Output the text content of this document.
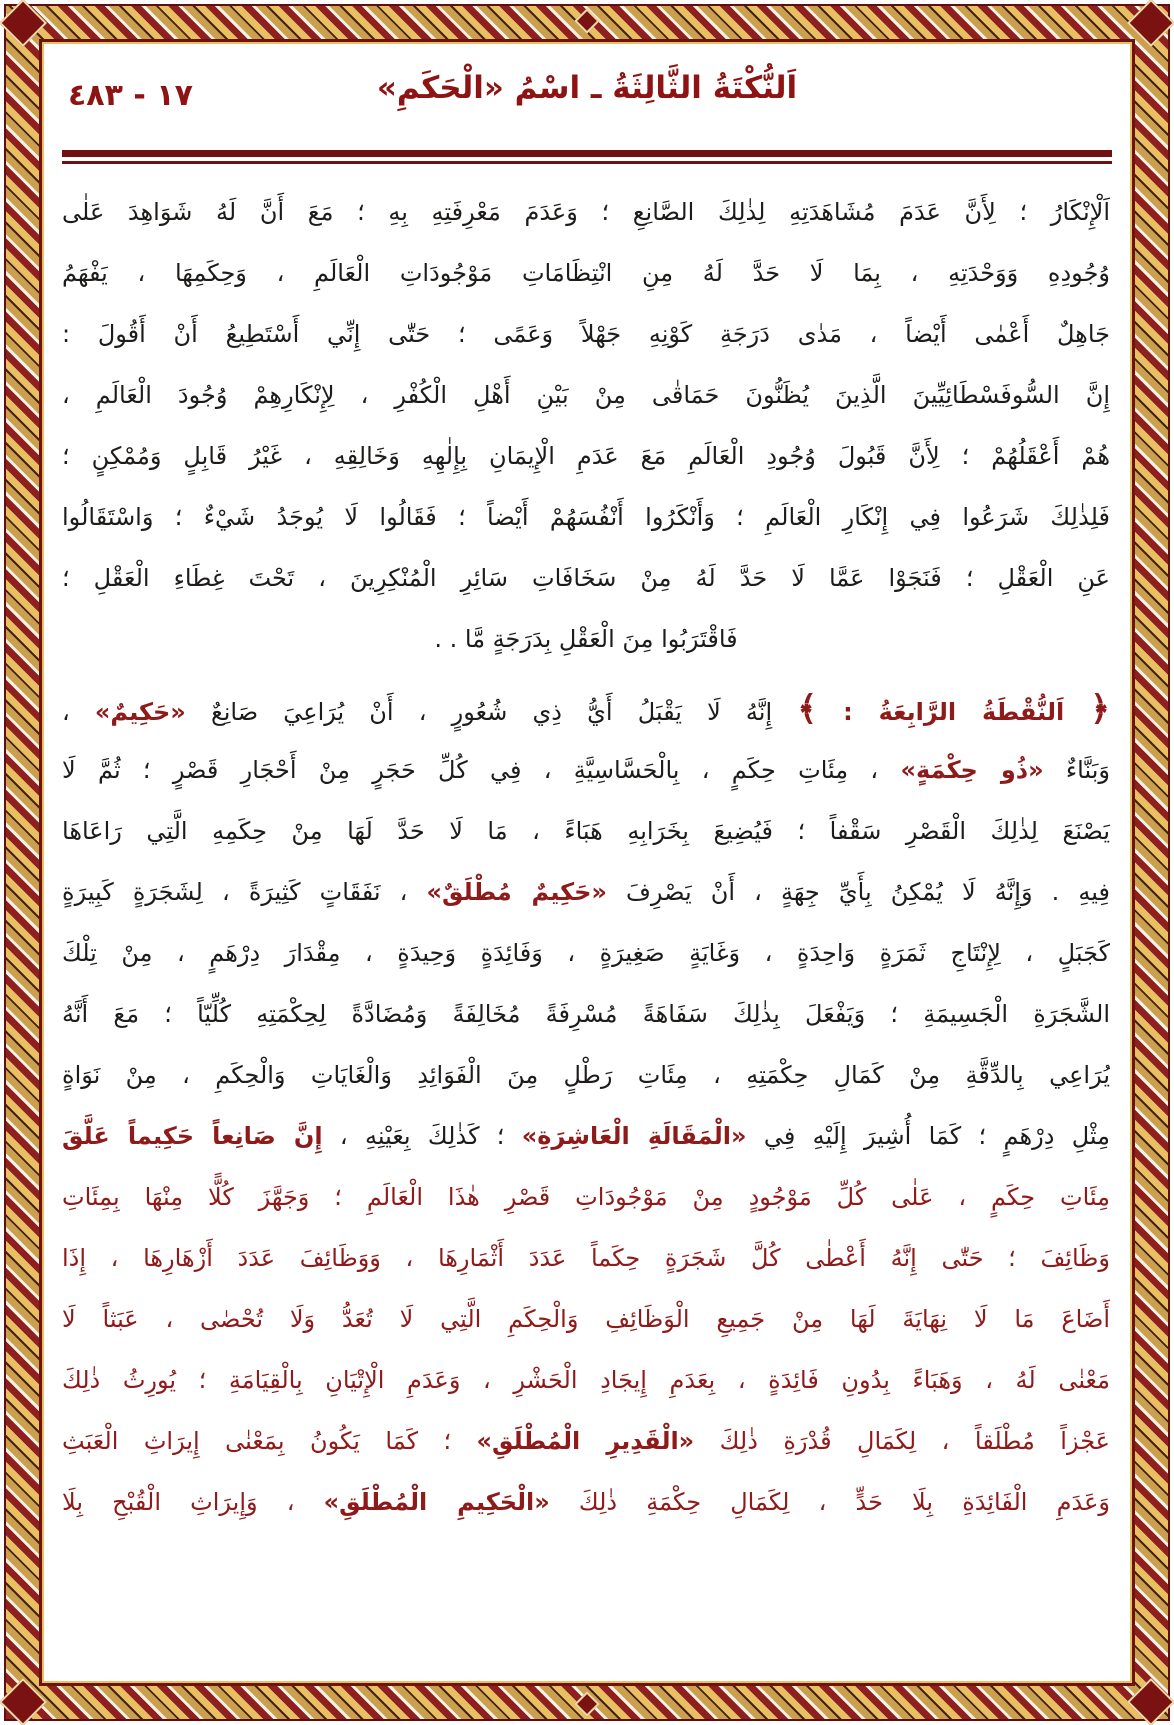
١٧ - ٤٨٣	اَلنُّكْتَةُ الثَّالِثَةُ ـ اسْمُ «الْحَكَمِ»
اَلْإِنْكَارُ ؛ لِأَنَّ عَدَمَ مُشَاهَدَتِهِ لِذٰلِكَ الصَّانِعِ ؛ وَعَدَمَ مَعْرِفَتِهِ بِهِ ؛ مَعَ أَنَّ لَهُ شَوَاهِدَ عَلٰى
وُجُودِهِ وَوَحْدَتِهِ ، بِمَا لَا حَدَّ لَهُ مِنِ انْتِظَامَاتِ مَوْجُودَاتِ الْعَالَمِ ، وَحِكَمِهَا ، يَفْهَمُ
جَاهِلٌ أَعْمٰى أَيْضاً ، مَدٰى دَرَجَةِ كَوْنِهِ جَهْلاً وَعَمًى ؛ حَتّٰى إِنِّي أَسْتَطِيعُ أَنْ أَقُولَ :
إِنَّ السُّوفَسْطَائِيِّينَ الَّذِينَ يُظَنُّونَ حَمَاقٰى مِنْ بَيْنِ أَهْلِ الْكُفْرِ ، لِإِنْكَارِهِمْ وُجُودَ الْعَالَمِ ،
هُمْ أَعْقَلُهُمْ ؛ لِأَنَّ قَبُولَ وُجُودِ الْعَالَمِ مَعَ عَدَمِ الْإِيمَانِ بِإِلٰهِهِ وَخَالِقِهِ ، غَيْرُ قَابِلٍ وَمُمْكِنٍ ؛
فَلِذٰلِكَ شَرَعُوا فِي إِنْكَارِ الْعَالَمِ ؛ وَأَنْكَرُوا أَنْفُسَهُمْ أَيْضاً ؛ فَقَالُوا لَا يُوجَدُ شَيْءٌ ؛ وَاسْتَقَالُوا
عَنِ الْعَقْلِ ؛ فَنَجَوْا عَمَّا لَا حَدَّ لَهُ مِنْ سَخَافَاتِ سَائِرِ الْمُنْكِرِينَ ، تَحْتَ غِطَاءِ الْعَقْلِ ؛
فَاقْتَرَبُوا مِنَ الْعَقْلِ بِدَرَجَةٍ مَّا . .
﴿ اَلنُّقْطَةُ الرَّابِعَةُ : ﴾ إِنَّهُ لَا يَقْبَلُ أَيُّ ذِي شُعُورٍ ، أَنْ يُرَاعِيَ صَانِعٌ «حَكِيمٌ» ،
وَبَنَّاءٌ «ذُو حِكْمَةٍ» ، مِئَاتِ حِكَمٍ ، بِالْحَسَّاسِيَّةِ ، فِي كُلِّ حَجَرٍ مِنْ أَحْجَارِ قَصْرٍ ؛ ثُمَّ لَا
يَصْنَعَ لِذٰلِكَ الْقَصْرِ سَقْفاً ؛ فَيُضِيعَ بِخَرَابِهِ هَبَاءً ، مَا لَا حَدَّ لَهَا مِنْ حِكَمِهِ الَّتِي رَاعَاهَا
فِيهِ . وَإِنَّهُ لَا يُمْكِنُ بِأَيِّ جِهَةٍ ، أَنْ يَصْرِفَ «حَكِيمٌ مُطْلَقٌ» ، نَفَقَاتٍ كَثِيرَةً ، لِشَجَرَةٍ كَبِيرَةٍ
كَجَبَلٍ ، لِإِنْتَاجِ ثَمَرَةٍ وَاحِدَةٍ ، وَغَايَةٍ صَغِيرَةٍ ، وَفَائِدَةٍ وَحِيدَةٍ ، مِقْدَارَ دِرْهَمٍ ، مِنْ تِلْكَ
الشَّجَرَةِ الْجَسِيمَةِ ؛ وَيَفْعَلَ بِذٰلِكَ سَفَاهَةً مُسْرِفَةً مُخَالِفَةً وَمُضَادَّةً لِحِكْمَتِهِ كُلِّيّاً ؛ مَعَ أَنَّهُ
يُرَاعِي بِالدِّقَّةِ مِنْ كَمَالِ حِكْمَتِهِ ، مِئَاتِ رَطْلٍ مِنَ الْفَوَائِدِ وَالْغَايَاتِ وَالْحِكَمِ ، مِنْ نَوَاةٍ
مِثْلِ دِرْهَمٍ ؛ كَمَا أُشِيرَ إِلَيْهِ فِي «الْمَقَالَةِ الْعَاشِرَةِ» ؛ كَذٰلِكَ بِعَيْنِهِ ، إِنَّ صَانِعاً حَكِيماً عَلَّقَ
مِئَاتِ حِكَمٍ ، عَلٰى كُلِّ مَوْجُودٍ مِنْ مَوْجُودَاتِ قَصْرِ هٰذَا الْعَالَمِ ؛ وَجَهَّزَ كُلًّا مِنْهَا بِمِئَاتِ
وَظَائِفَ ؛ حَتّٰى إِنَّهُ أَعْطٰى كُلَّ شَجَرَةٍ حِكَماً عَدَدَ أَثْمَارِهَا ، وَوَظَائِفَ عَدَدَ أَزْهَارِهَا ، إِذَا
أَضَاعَ مَا لَا نِهَايَةَ لَهَا مِنْ جَمِيعِ الْوَظَائِفِ وَالْحِكَمِ الَّتِي لَا تُعَدُّ وَلَا تُحْصٰى ، عَبَثاً لَا
مَعْنٰى لَهُ ، وَهَبَاءً بِدُونِ فَائِدَةٍ ، بِعَدَمِ إِيجَادِ الْحَشْرِ ، وَعَدَمِ الْإِتْيَانِ بِالْقِيَامَةِ ؛ يُورِثُ ذٰلِكَ
عَجْزاً مُطْلَقاً ، لِكَمَالِ قُدْرَةِ ذٰلِكَ «الْقَدِيرِ الْمُطْلَقِ» ؛ كَمَا يَكُونُ بِمَعْنٰى إِيرَاثِ الْعَبَثِ
وَعَدَمِ الْفَائِدَةِ بِلَا حَدٍّ ، لِكَمَالِ حِكْمَةِ ذٰلِكَ «الْحَكِيمِ الْمُطْلَقِ» ، وَإِيرَاثِ الْقُبْحِ بِلَا
